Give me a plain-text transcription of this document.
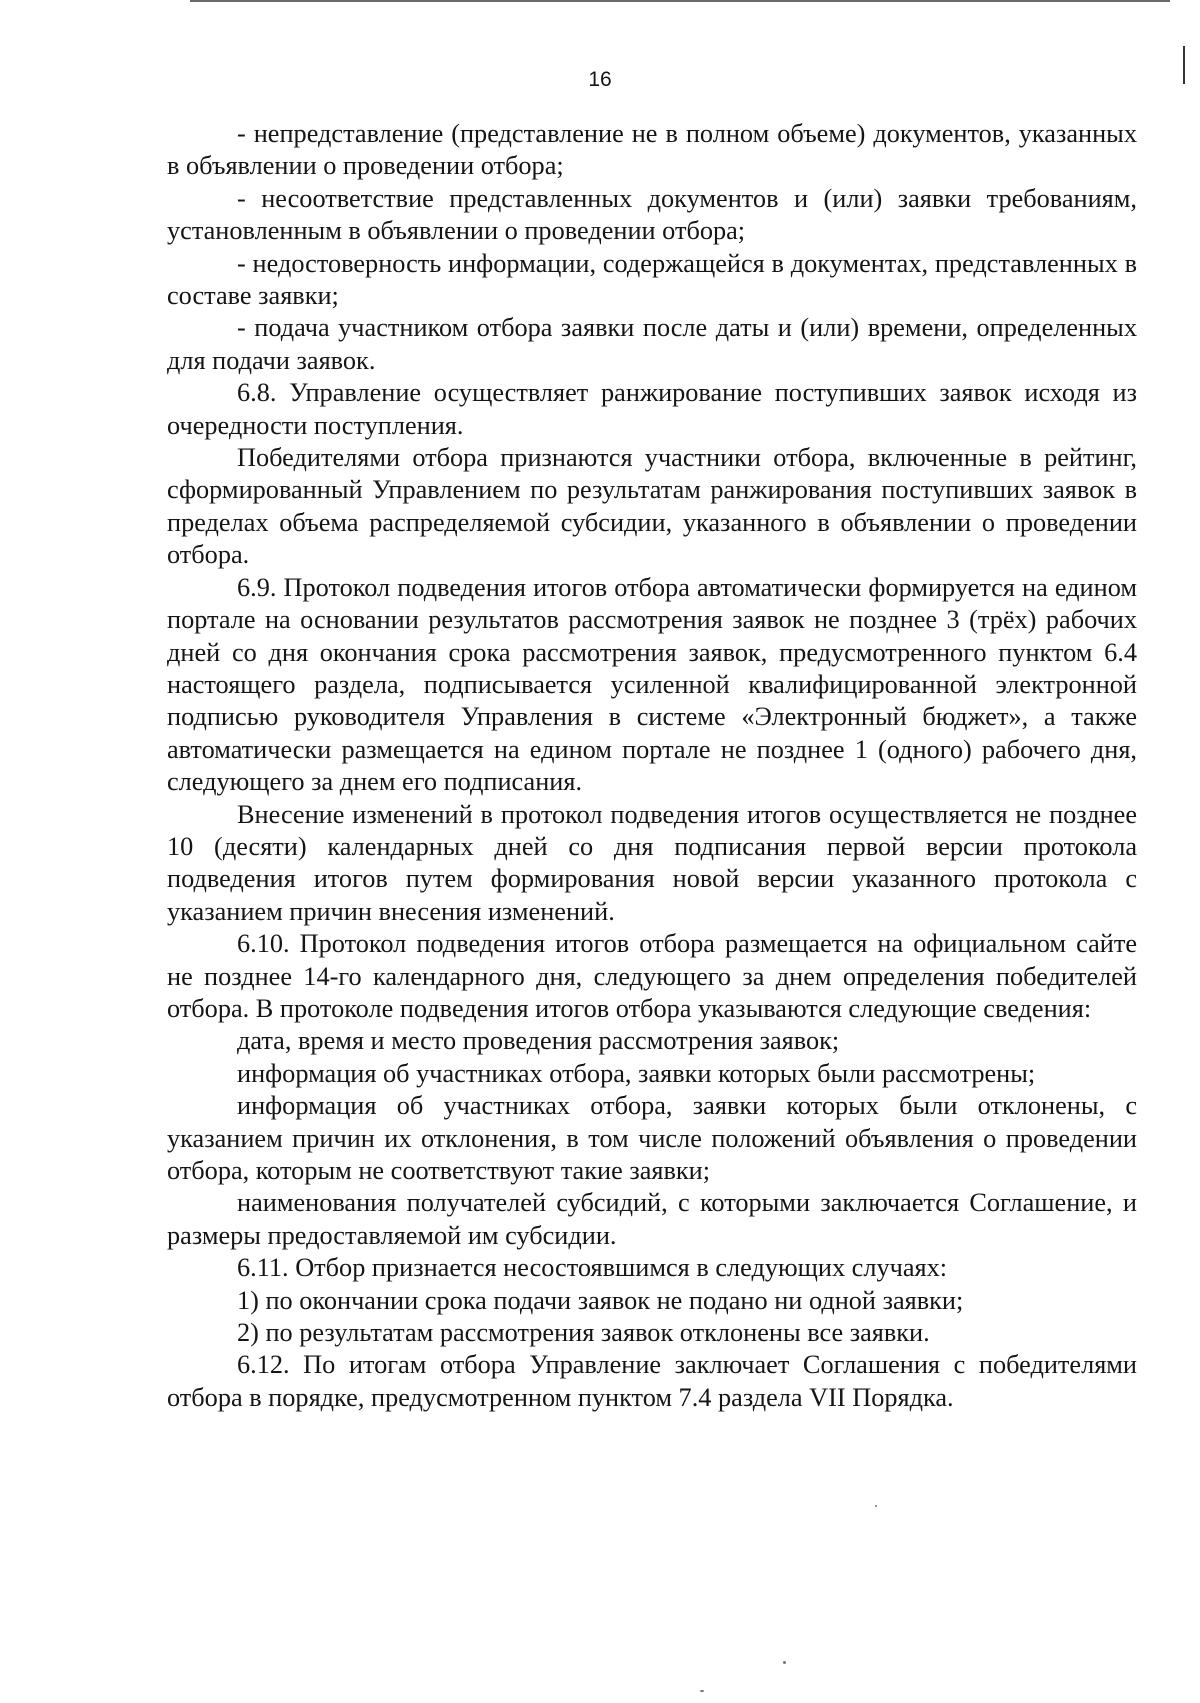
16

- непредставление (представление не в полном объеме) документов, указанных в объявлении о проведении отбора;

- несоответствие представленных документов и (или) заявки требованиям, установленным в объявлении о проведении отбора;

- недостоверность информации, содержащейся в документах, представленных в составе заявки;

- подача участником отбора заявки после даты и (или) времени, определенных для подачи заявок.

6.8. Управление осуществляет ранжирование поступивших заявок исходя из очередности поступления.

Победителями отбора признаются участники отбора, включенные в рейтинг, сформированный Управлением по результатам ранжирования поступивших заявок в пределах объема распределяемой субсидии, указанного в объявлении о проведении отбора.

6.9. Протокол подведения итогов отбора автоматически формируется на едином портале на основании результатов рассмотрения заявок не позднее 3 (трёх) рабочих дней со дня окончания срока рассмотрения заявок, предусмотренного пунктом 6.4 настоящего раздела, подписывается усиленной квалифицированной электронной подписью руководителя Управления в системе «Электронный бюджет», а также автоматически размещается на едином портале не позднее 1 (одного) рабочего дня, следующего за днем его подписания.

Внесение изменений в протокол подведения итогов осуществляется не позднее 10 (десяти) календарных дней со дня подписания первой версии протокола подведения итогов путем формирования новой версии указанного протокола с указанием причин внесения изменений.

6.10. Протокол подведения итогов отбора размещается на официальном сайте не позднее 14-го календарного дня, следующего за днем определения победителей отбора. В протоколе подведения итогов отбора указываются следующие сведения:

дата, время и место проведения рассмотрения заявок;

информация об участниках отбора, заявки которых были рассмотрены;

информация об участниках отбора, заявки которых были отклонены, с указанием причин их отклонения, в том числе положений объявления о проведении отбора, которым не соответствуют такие заявки;

наименования получателей субсидий, с которыми заключается Соглашение, и размеры предоставляемой им субсидии.

6.11. Отбор признается несостоявшимся в следующих случаях:

1) по окончании срока подачи заявок не подано ни одной заявки;

2) по результатам рассмотрения заявок отклонены все заявки.

6.12. По итогам отбора Управление заключает Соглашения с победителями отбора в порядке, предусмотренном пунктом 7.4 раздела VII Порядка.
